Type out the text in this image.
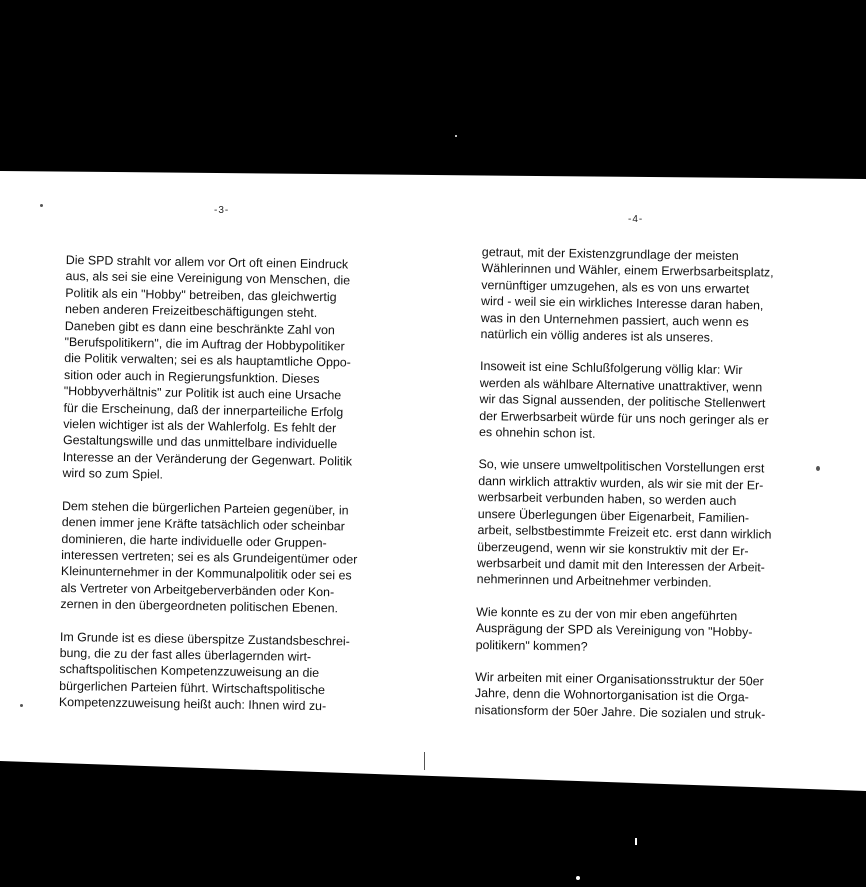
-3-

Die SPD strahlt vor allem vor Ort oft einen Eindruck
aus, als sei sie eine Vereinigung von Menschen, die
Politik als ein "Hobby" betreiben, das gleichwertig
neben anderen Freizeitbeschäftigungen steht.
Daneben gibt es dann eine beschränkte Zahl von
"Berufspolitikern", die im Auftrag der Hobbypolitiker
die Politik verwalten; sei es als hauptamtliche Oppo-
sition oder auch in Regierungsfunktion. Dieses
"Hobbyverhältnis" zur Politik ist auch eine Ursache
für die Erscheinung, daß der innerparteiliche Erfolg
vielen wichtiger ist als der Wahlerfolg. Es fehlt der
Gestaltungswille und das unmittelbare individuelle
Interesse an der Veränderung der Gegenwart. Politik
wird so zum Spiel.

Dem stehen die bürgerlichen Parteien gegenüber, in
denen immer jene Kräfte tatsächlich oder scheinbar
dominieren, die harte individuelle oder Gruppen-
interessen vertreten; sei es als Grundeigentümer oder
Kleinunternehmer in der Kommunalpolitik oder sei es
als Vertreter von Arbeitgeberverbänden oder Kon-
zernen in den übergeordneten politischen Ebenen.

Im Grunde ist es diese überspitze Zustandsbeschrei-
bung, die zu der fast alles überlagernden wirt-
schaftspolitischen Kompetenzzuweisung an die
bürgerlichen Parteien führt. Wirtschaftspolitische
Kompetenzzuweisung heißt auch: Ihnen wird zu-

-4-

getraut, mit der Existenzgrundlage der meisten
Wählerinnen und Wähler, einem Erwerbsarbeitsplatz,
vernünftiger umzugehen, als es von uns erwartet
wird - weil sie ein wirkliches Interesse daran haben,
was in den Unternehmen passiert, auch wenn es
natürlich ein völlig anderes ist als unseres.

Insoweit ist eine Schlußfolgerung völlig klar: Wir
werden als wählbare Alternative unattraktiver, wenn
wir das Signal aussenden, der politische Stellenwert
der Erwerbsarbeit würde für uns noch geringer als er
es ohnehin schon ist.

So, wie unsere umweltpolitischen Vorstellungen erst
dann wirklich attraktiv wurden, als wir sie mit der Er-
werbsarbeit verbunden haben, so werden auch
unsere Überlegungen über Eigenarbeit, Familien-
arbeit, selbstbestimmte Freizeit etc. erst dann wirklich
überzeugend, wenn wir sie konstruktiv mit der Er-
werbsarbeit und damit mit den Interessen der Arbeit-
nehmerinnen und Arbeitnehmer verbinden.

Wie konnte es zu der von mir eben angeführten
Ausprägung der SPD als Vereinigung von "Hobby-
politikern" kommen?

Wir arbeiten mit einer Organisationsstruktur der 50er
Jahre, denn die Wohnortorganisation ist die Orga-
nisationsform der 50er Jahre. Die sozialen und struk-
